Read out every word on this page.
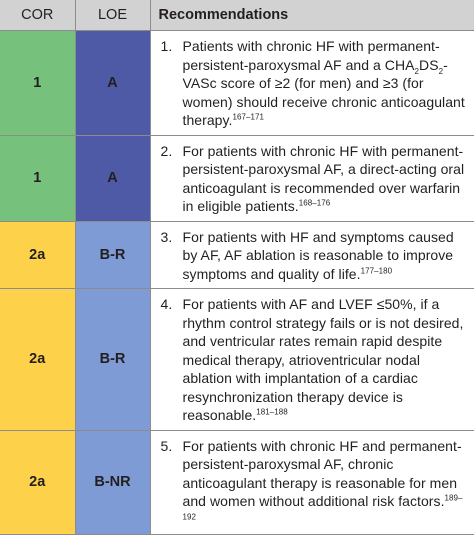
COR	LOE	Recommendations
1	A	1. Patients with chronic HF with permanent-persistent-paroxysmal AF and a $CHA_2DS_2$-VASc score of ≥2 (for men) and ≥3 (for women) should receive chronic anticoagulant therapy.$^{167-171}$

1	A	2. For patients with chronic HF with permanent-persistent-paroxysmal AF, a direct-acting oral anticoagulant is recommended over warfarin in eligible patients.$^{168-176}$

2a	B-R	3. For patients with HF and symptoms caused by AF, AF ablation is reasonable to improve symptoms and quality of life.$^{177-180}$

2a	B-R	4. For patients with AF and LVEF ≤50%, if a rhythm control strategy fails or is not desired, and ventricular rates remain rapid despite medical therapy, atrioventricular nodal ablation with implantation of a cardiac resynchronization therapy device is reasonable.$^{181-188}$

2a	B-NR	5. For patients with chronic HF and permanent-persistent-paroxysmal AF, chronic anticoagulant therapy is reasonable for men and women without additional risk factors.$^{189-192}$
